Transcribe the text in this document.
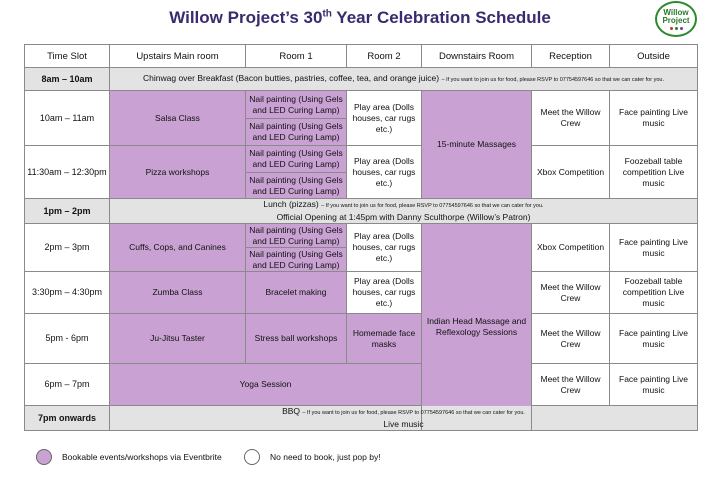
Willow Project’s 30th Year Celebration Schedule	Willow
Project
Time Slot	Upstairs Main room	Room 1	Room 2	Downstairs Room	Reception	Outside
8am – 10am	Chinwag over Breakfast (Bacon butties, pastries, coffee, tea, and orange juice) – If you want to join us for food, please RSVP to 07754597646 so that we can cater for you.					
10am – 11am	Salsa Class	Nail painting (Using Gels and LED Curing Lamp)	Play area (Dolls houses, car rugs etc.)	15-minute Massages	Meet the Willow Crew	Face painting Live music
		Nail painting (Using Gels and LED Curing Lamp)				
11:30am – 12:30pm	Pizza workshops	Nail painting (Using Gels and LED Curing Lamp)	Play area (Dolls houses, car rugs etc.)		Xbox Competition	Foozeball table competition Live music
		Nail painting (Using Gels and LED Curing Lamp)				
1pm – 2pm	Lunch (pizzas) – If you want to join us for food, please RSVP to 07754597646 so that we can cater for you.
Official Opening at 1:45pm with Danny Sculthorpe (Willow’s Patron)					

2pm – 3pm	Cuffs, Cops, and Canines	Nail painting (Using Gels and LED Curing Lamp)	Play area (Dolls houses, car rugs etc.)	Indian Head Massage and Reflexology Sessions	Xbox Competition	Face painting Live music
		Nail painting (Using Gels and LED Curing Lamp)				
3:30pm – 4:30pm	Zumba Class	Bracelet making	Play area (Dolls houses, car rugs etc.)		Meet the Willow Crew	Foozeball table competition Live music
5pm - 6pm	Ju-Jitsu Taster	Stress ball workshops	Homemade face masks		Meet the Willow Crew	Face painting Live music
6pm – 7pm	Yoga Session				Meet the Willow Crew	Face painting Live music
7pm onwards	BBQ – If you want to join us for food, please RSVP to 07754597646 so that we can cater for you.
Live music					
Bookable events/workshops via Eventbrite	No need to book, just pop by!
